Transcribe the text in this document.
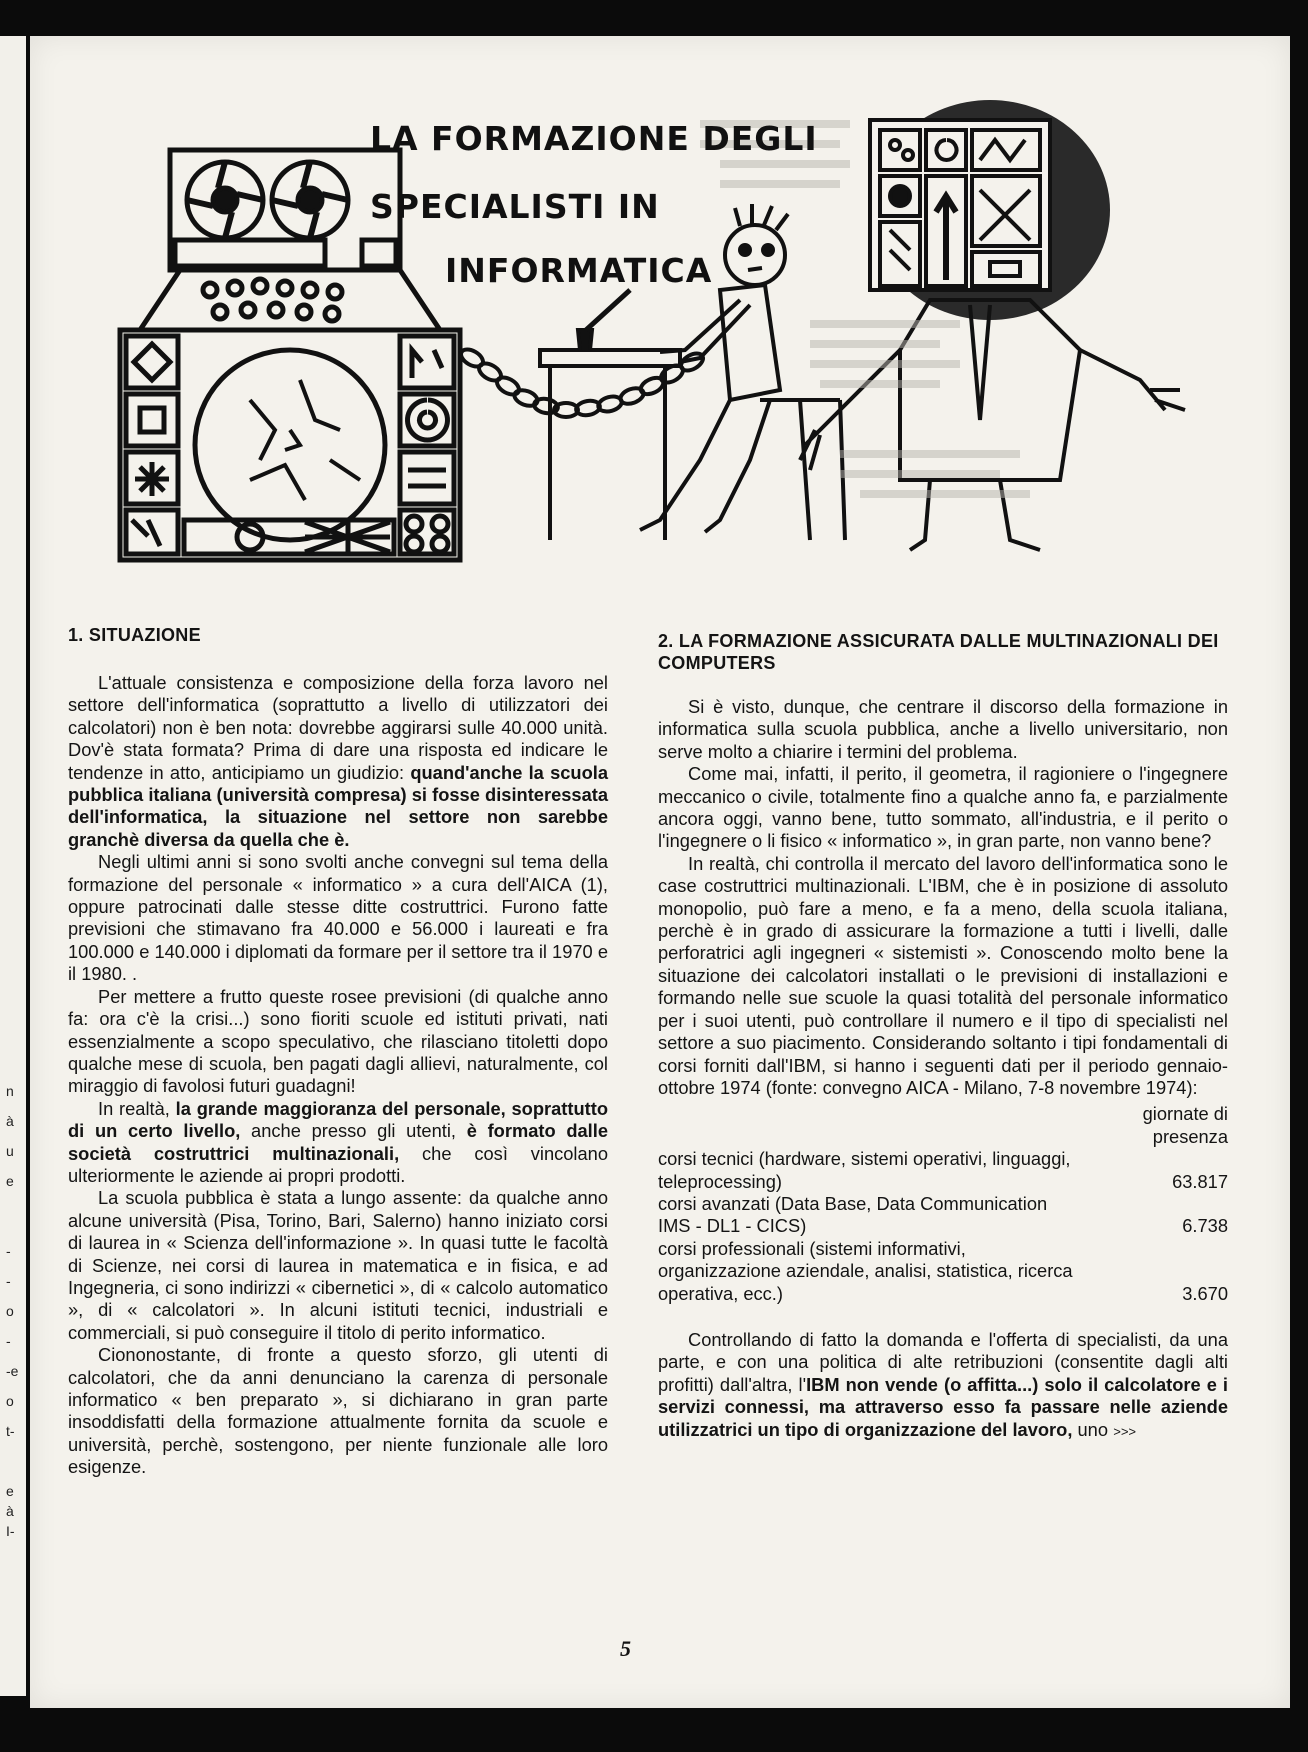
n
à
u
e
-
-
o
-
-e
o
t-
e
à
I-
LA FORMAZIONE DEGLI
SPECIALISTI IN
INFORMATICA
1. SITUAZIONE

L'attuale consistenza e composizione della forza lavoro nel settore dell'informatica (soprattutto a livello di utilizzatori dei calcolatori) non è ben nota: dovrebbe aggirarsi sulle 40.000 unità. Dov'è stata formata? Prima di dare una risposta ed indicare le tendenze in atto, anticipiamo un giudizio: quand'anche la scuola pubblica italiana (università compresa) si fosse disinteressata dell'informatica, la situazione nel settore non sarebbe granchè diversa da quella che è.

Negli ultimi anni si sono svolti anche convegni sul tema della formazione del personale « informatico » a cura dell'AICA (1), oppure patrocinati dalle stesse ditte costruttrici. Furono fatte previsioni che stimavano fra 40.000 e 56.000 i laureati e fra 100.000 e 140.000 i diplomati da formare per il settore tra il 1970 e il 1980. .

Per mettere a frutto queste rosee previsioni (di qualche anno fa: ora c'è la crisi...) sono fioriti scuole ed istituti privati, nati essenzialmente a scopo speculativo, che rilasciano titoletti dopo qualche mese di scuola, ben pagati dagli allievi, naturalmente, col miraggio di favolosi futuri guadagni!

In realtà, la grande maggioranza del personale, soprattutto di un certo livello, anche presso gli utenti, è formato dalle società costruttrici multinazionali, che così vincolano ulteriormente le aziende ai propri prodotti.

La scuola pubblica è stata a lungo assente: da qualche anno alcune università (Pisa, Torino, Bari, Salerno) hanno iniziato corsi di laurea in « Scienza dell'informazione ». In quasi tutte le facoltà di Scienze, nei corsi di laurea in matematica e in fisica, e ad Ingegneria, ci sono indirizzi « cibernetici », di « calcolo automatico », di « calcolatori ». In alcuni istituti tecnici, industriali e commerciali, si può conseguire il titolo di perito informatico.

Ciononostante, di fronte a questo sforzo, gli utenti di calcolatori, che da anni denunciano la carenza di personale informatico « ben preparato », si dichiarano in gran parte insoddisfatti della formazione attualmente fornita da scuole e università, perchè, sostengono, per niente funzionale alle loro esigenze.

2. LA FORMAZIONE ASSICURATA DALLE MULTINAZIONALI DEI COMPUTERS

Si è visto, dunque, che centrare il discorso della formazione in informatica sulla scuola pubblica, anche a livello universitario, non serve molto a chiarire i termini del problema.

Come mai, infatti, il perito, il geometra, il ragioniere o l'ingegnere meccanico o civile, totalmente fino a qualche anno fa, e parzialmente ancora oggi, vanno bene, tutto sommato, all'industria, e il perito o l'ingegnere o li fisico « informatico », in gran parte, non vanno bene?

In realtà, chi controlla il mercato del lavoro dell'informatica sono le case costruttrici multinazionali. L'IBM, che è in posizione di assoluto monopolio, può fare a meno, e fa a meno, della scuola italiana, perchè è in grado di assicurare la formazione a tutti i livelli, dalle perforatrici agli ingegneri « sistemisti ». Conoscendo molto bene la situazione dei calcolatori installati o le previsioni di installazioni e formando nelle sue scuole la quasi totalità del personale informatico per i suoi utenti, può controllare il numero e il tipo di specialisti nel settore a suo piacimento. Considerando soltanto i tipi fondamentali di corsi forniti dall'IBM, si hanno i seguenti dati per il periodo gennaio-ottobre 1974 (fonte: convegno AICA - Milano, 7-8 novembre 1974):

giornate di
presenza
corsi tecnici (hardware, sistemi operativi, linguaggi, teleprocessing)	63.817
corsi avanzati (Data Base, Data Communication IMS - DL1 - CICS)	6.738
corsi professionali (sistemi informativi, organizzazione aziendale, analisi, statistica, ricerca operativa, ecc.)	3.670

Controllando di fatto la domanda e l'offerta di specialisti, da una parte, e con una politica di alte retribuzioni (consentite dagli alti profitti) dall'altra, l'IBM non vende (o affitta...) solo il calcolatore e i servizi connessi, ma attraverso esso fa passare nelle aziende utilizzatrici un tipo di organizzazione del lavoro, uno >>>

5
